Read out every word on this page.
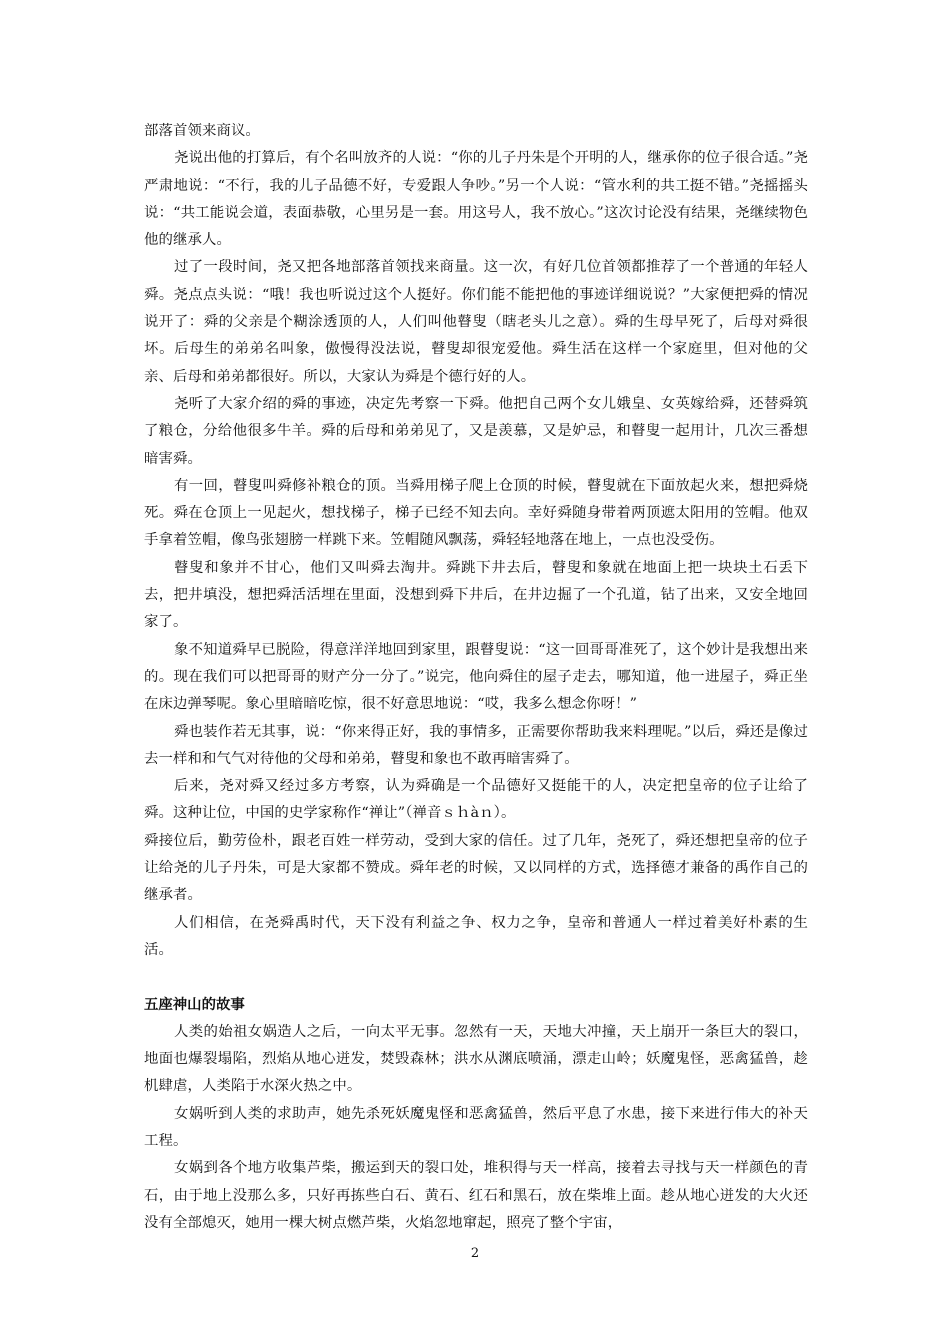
部落首领来商议。

尧说出他的打算后，有个名叫放齐的人说：“你的儿子丹朱是个开明的人，继承你的位子很合适。”尧严肃地说：“不行，我的儿子品德不好，专爱跟人争吵。”另一个人说：“管水利的共工挺不错。”尧摇摇头说：“共工能说会道，表面恭敬，心里另是一套。用这号人，我不放心。”这次讨论没有结果，尧继续物色他的继承人。

过了一段时间，尧又把各地部落首领找来商量。这一次，有好几位首领都推荐了一个普通的年轻人舜。尧点点头说：“哦！我也听说过这个人挺好。你们能不能把他的事迹详细说说？”大家便把舜的情况说开了：舜的父亲是个糊涂透顶的人，人们叫他瞽叟（瞎老头儿之意）。舜的生母早死了，后母对舜很坏。后母生的弟弟名叫象，傲慢得没法说，瞽叟却很宠爱他。舜生活在这样一个家庭里，但对他的父亲、后母和弟弟都很好。所以，大家认为舜是个德行好的人。

尧听了大家介绍的舜的事迹，决定先考察一下舜。他把自己两个女儿娥皇、女英嫁给舜，还替舜筑了粮仓，分给他很多牛羊。舜的后母和弟弟见了，又是羡慕，又是妒忌，和瞽叟一起用计，几次三番想暗害舜。

有一回，瞽叟叫舜修补粮仓的顶。当舜用梯子爬上仓顶的时候，瞽叟就在下面放起火来，想把舜烧死。舜在仓顶上一见起火，想找梯子，梯子已经不知去向。幸好舜随身带着两顶遮太阳用的笠帽。他双手拿着笠帽，像鸟张翅膀一样跳下来。笠帽随风飘荡，舜轻轻地落在地上，一点也没受伤。

瞽叟和象并不甘心，他们又叫舜去淘井。舜跳下井去后，瞽叟和象就在地面上把一块块土石丢下去，把井填没，想把舜活活埋在里面，没想到舜下井后，在井边掘了一个孔道，钻了出来，又安全地回家了。

象不知道舜早已脱险，得意洋洋地回到家里，跟瞽叟说：“这一回哥哥准死了，这个妙计是我想出来的。现在我们可以把哥哥的财产分一分了。”说完，他向舜住的屋子走去，哪知道，他一进屋子，舜正坐在床边弹琴呢。象心里暗暗吃惊，很不好意思地说：“哎，我多么想念你呀！”

舜也装作若无其事，说：“你来得正好，我的事情多，正需要你帮助我来料理呢。”以后，舜还是像过去一样和和气气对待他的父母和弟弟，瞽叟和象也不敢再暗害舜了。

后来，尧对舜又经过多方考察，认为舜确是一个品德好又挺能干的人，决定把皇帝的位子让给了舜。这种让位，中国的史学家称作“禅让”（禅音ｓｈàｎ）。

舜接位后，勤劳俭朴，跟老百姓一样劳动，受到大家的信任。过了几年，尧死了，舜还想把皇帝的位子让给尧的儿子丹朱，可是大家都不赞成。舜年老的时候，又以同样的方式，选择德才兼备的禹作自己的继承者。

人们相信，在尧舜禹时代，天下没有利益之争、权力之争，皇帝和普通人一样过着美好朴素的生活。

五座神山的故事

人类的始祖女娲造人之后，一向太平无事。忽然有一天，天地大冲撞，天上崩开一条巨大的裂口，地面也爆裂塌陷，烈焰从地心迸发，焚毁森林；洪水从渊底喷涌，漂走山岭；妖魔鬼怪，恶禽猛兽，趁机肆虐，人类陷于水深火热之中。

女娲听到人类的求助声，她先杀死妖魔鬼怪和恶禽猛兽，然后平息了水患，接下来进行伟大的补天工程。

女娲到各个地方收集芦柴，搬运到天的裂口处，堆积得与天一样高，接着去寻找与天一样颜色的青石，由于地上没那么多，只好再拣些白石、黄石、红石和黑石，放在柴堆上面。趁从地心迸发的大火还没有全部熄灭，她用一棵大树点燃芦柴，火焰忽地窜起，照亮了整个宇宙，

2
